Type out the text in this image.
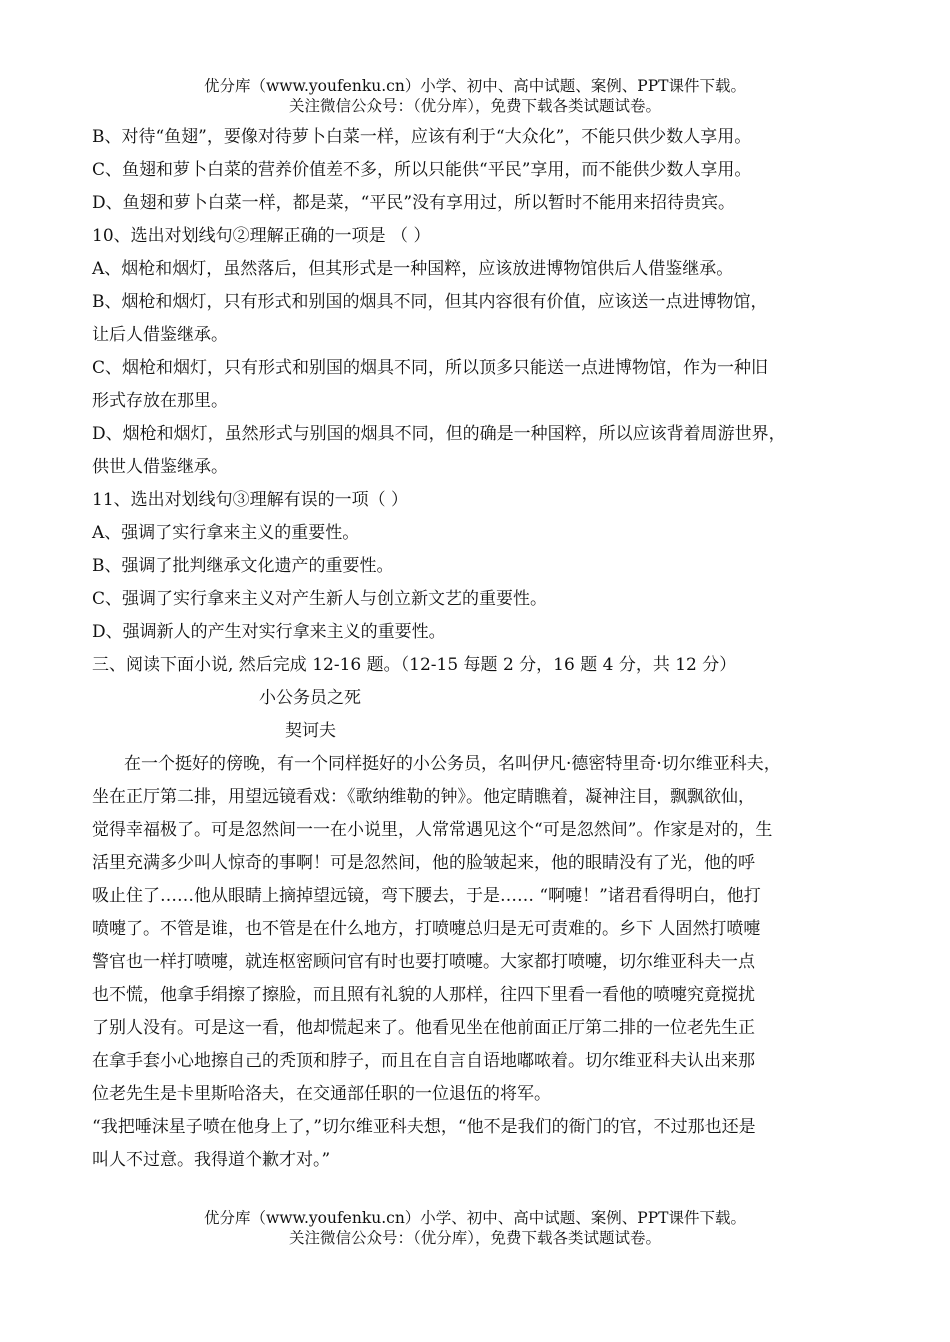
优分库（www.youfenku.cn）小学、初中、高中试题、案例、PPT课件下载。
关注微信公众号：（优分库），免费下载各类试题试卷。

B、对待“鱼翅”，要像对待萝卜白菜一样，应该有利于“大众化”，不能只供少数人享用。

C、鱼翅和萝卜白菜的营养价值差不多，所以只能供“平民”享用，而不能供少数人享用。

D、鱼翅和萝卜白菜一样，都是菜，“平民”没有享用过，所以暂时不能用来招待贵宾。

10、选出对划线句②理解正确的一项是 （ ）

A、烟枪和烟灯，虽然落后，但其形式是一种国粹，应该放进博物馆供后人借鉴继承。

B、烟枪和烟灯，只有形式和别国的烟具不同，但其内容很有价值，应该送一点进博物馆，

让后人借鉴继承。

C、烟枪和烟灯，只有形式和别国的烟具不同，所以顶多只能送一点进博物馆，作为一种旧

形式存放在那里。

D、烟枪和烟灯，虽然形式与别国的烟具不同，但的确是一种国粹，所以应该背着周游世界，

供世人借鉴继承。

11、选出对划线句③理解有误的一项（ ）

A、强调了实行拿来主义的重要性。

B、强调了批判继承文化遗产的重要性。

C、强调了实行拿来主义对产生新人与创立新文艺的重要性。

D、强调新人的产生对实行拿来主义的重要性。

三、阅读下面小说, 然后完成 12-16 题。（12-15 每题 2 分，16 题 4 分，共 12 分）

小公务员之死

契诃夫

在一个挺好的傍晚，有一个同样挺好的小公务员，名叫伊凡·德密特里奇·切尔维亚科夫，

坐在正厅第二排，用望远镜看戏：《歌纳维勒的钟》。他定睛瞧着，凝神注目，飘飘欲仙，

觉得幸福极了。可是忽然间一一在小说里，人常常遇见这个“可是忽然间”。作家是对的，生

活里充满多少叫人惊奇的事啊！可是忽然间，他的脸皱起来，他的眼睛没有了光，他的呼

吸止住了……他从眼睛上摘掉望远镜，弯下腰去，于是…… “啊嚏！”诸君看得明白，他打

喷嚏了。不管是谁，也不管是在什么地方，打喷嚏总归是无可责难的。乡下 人固然打喷嚏

警官也一样打喷嚏，就连枢密顾问官有时也要打喷嚏。大家都打喷嚏，切尔维亚科夫一点

也不慌，他拿手绢擦了擦脸，而且照有礼貌的人那样，往四下里看一看他的喷嚏究竟搅扰

了别人没有。可是这一看，他却慌起来了。他看见坐在他前面正厅第二排的一位老先生正

在拿手套小心地擦自己的秃顶和脖子，而且在自言自语地嘟哝着。切尔维亚科夫认出来那

位老先生是卡里斯哈洛夫，在交通部任职的一位退伍的将军。

“我把唾沫星子喷在他身上了，”切尔维亚科夫想，“他不是我们的衙门的官，不过那也还是

叫人不过意。我得道个歉才对。”

优分库（www.youfenku.cn）小学、初中、高中试题、案例、PPT课件下载。
关注微信公众号：（优分库），免费下载各类试题试卷。
